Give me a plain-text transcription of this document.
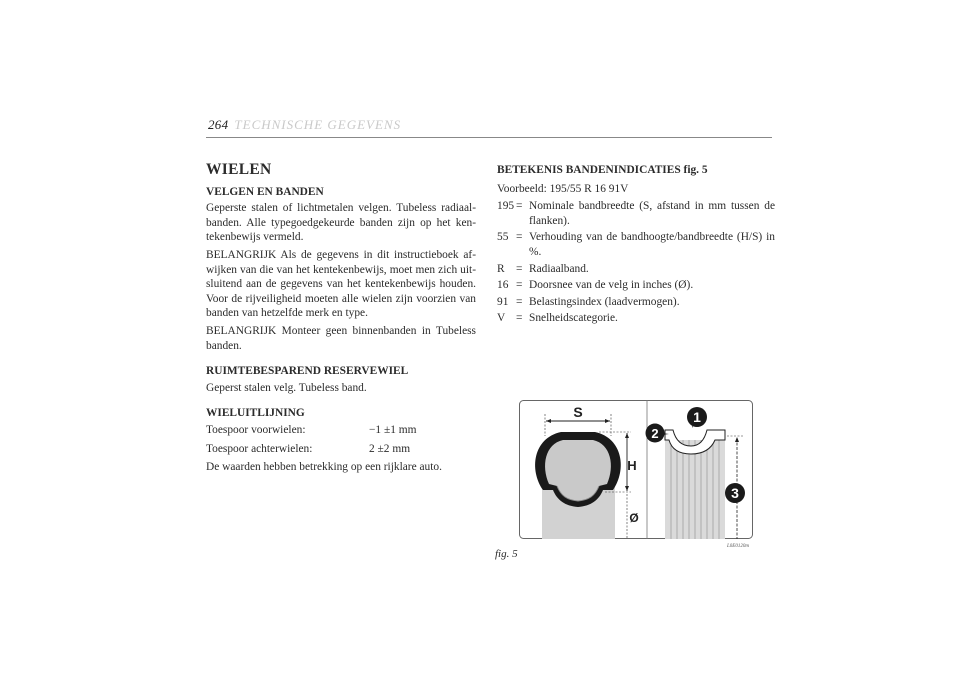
264 TECHNISCHE GEGEVENS
WIELEN
VELGEN EN BANDEN

Geperste stalen of lichtmetalen velgen. Tubeless radiaal-banden. Alle typegoedgekeurde banden zijn op het ken-tekenbewijs vermeld.

BELANGRIJK Als de gegevens in dit instructieboek af-wijken van die van het kentekenbewijs, moet men zich uit-sluitend aan de gegevens van het kentekenbewijs houden. Voor de rijveiligheid moeten alle wielen zijn voorzien van banden van hetzelfde merk en type.

BELANGRIJK Monteer geen binnenbanden in Tubeless banden.

RUIMTEBESPAREND RESERVEWIEL

Geperst stalen velg. Tubeless band.

WIELUITLIJNING
Toespoor voorwielen:	−1 ±1 mm
Toespoor achterwielen:	2 ±2 mm

De waarden hebben betrekking op een rijklare auto.

BETEKENIS BANDENINDICATIES fig. 5

Voorbeeld: 195/55 R 16 91V

195 = Nominale bandbreedte (S, afstand in mm tussen de flanken).
55 = Verhouding van de bandhoogte/bandbreedte (H/S) in %.
R = Radiaalband.
16 = Doorsnee van de velg in inches (Ø).
91 = Belastingsindex (laadvermogen).
V = Snelheidscategorie.
S
H
Ø
1
2
3
fig. 5
L0E0120m
